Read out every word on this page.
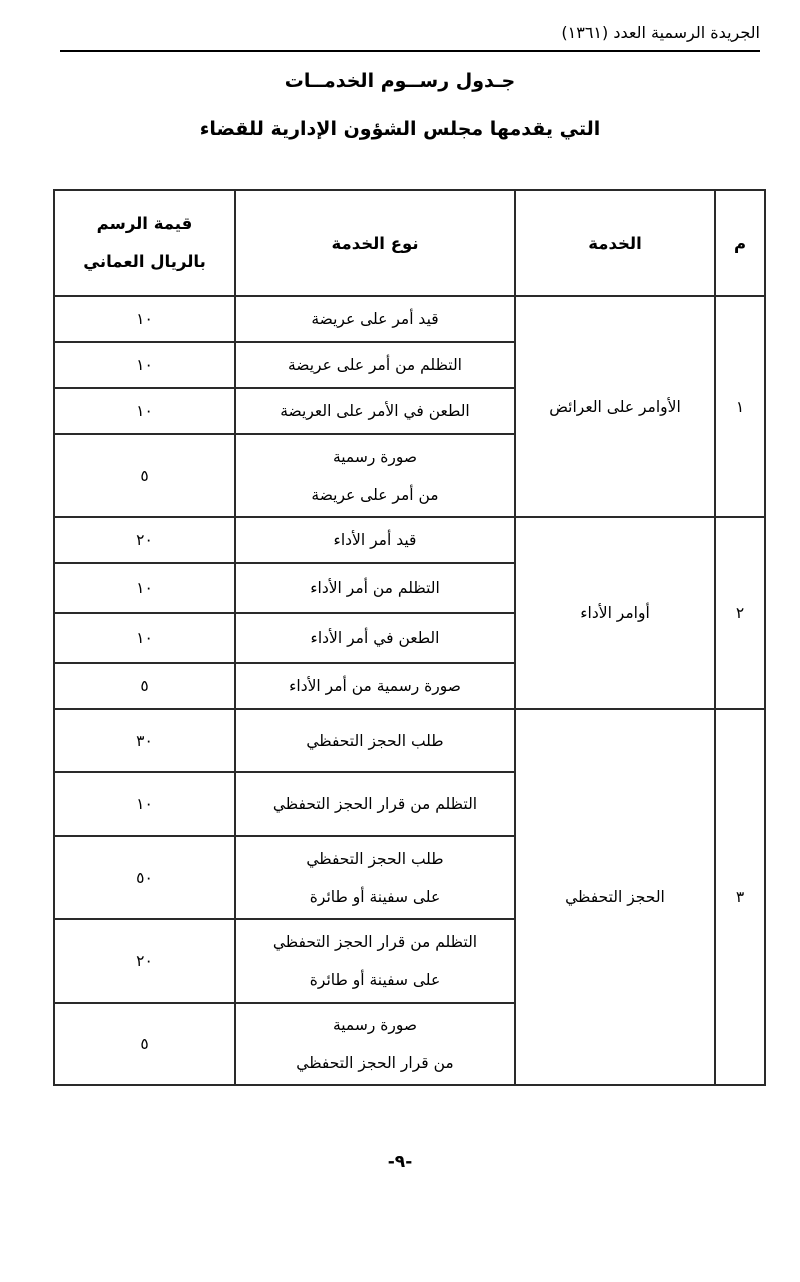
الجريدة الرسمية العدد (١٣٦١)
جـدول رســوم الخدمــات
التي يقدمها مجلس الشؤون الإدارية للقضاء
م	الخدمة	نوع الخدمة	قيمة الرسم
بالريال العماني

١	الأوامر على العرائض	قيد أمر على عريضة	١٠

		التظلم من أمر على عريضة	١٠

		الطعن في الأمر على العريضة	١٠

		صورة رسمية
من أمر على عريضة	٥
٢	أوامر الأداء	قيد أمر الأداء	٢٠

		التظلم من أمر الأداء	١٠

		الطعن في أمر الأداء	١٠

		صورة رسمية من أمر الأداء	٥
٣	الحجز التحفظي	طلب الحجز التحفظي	٣٠

		التظلم من قرار الحجز التحفظي	١٠

		طلب الحجز التحفظي
على سفينة أو طائرة	٥٠

		التظلم من قرار الحجز التحفظي
على سفينة أو طائرة	٢٠

		صورة رسمية
من قرار الحجز التحفظي	٥
-٩-
